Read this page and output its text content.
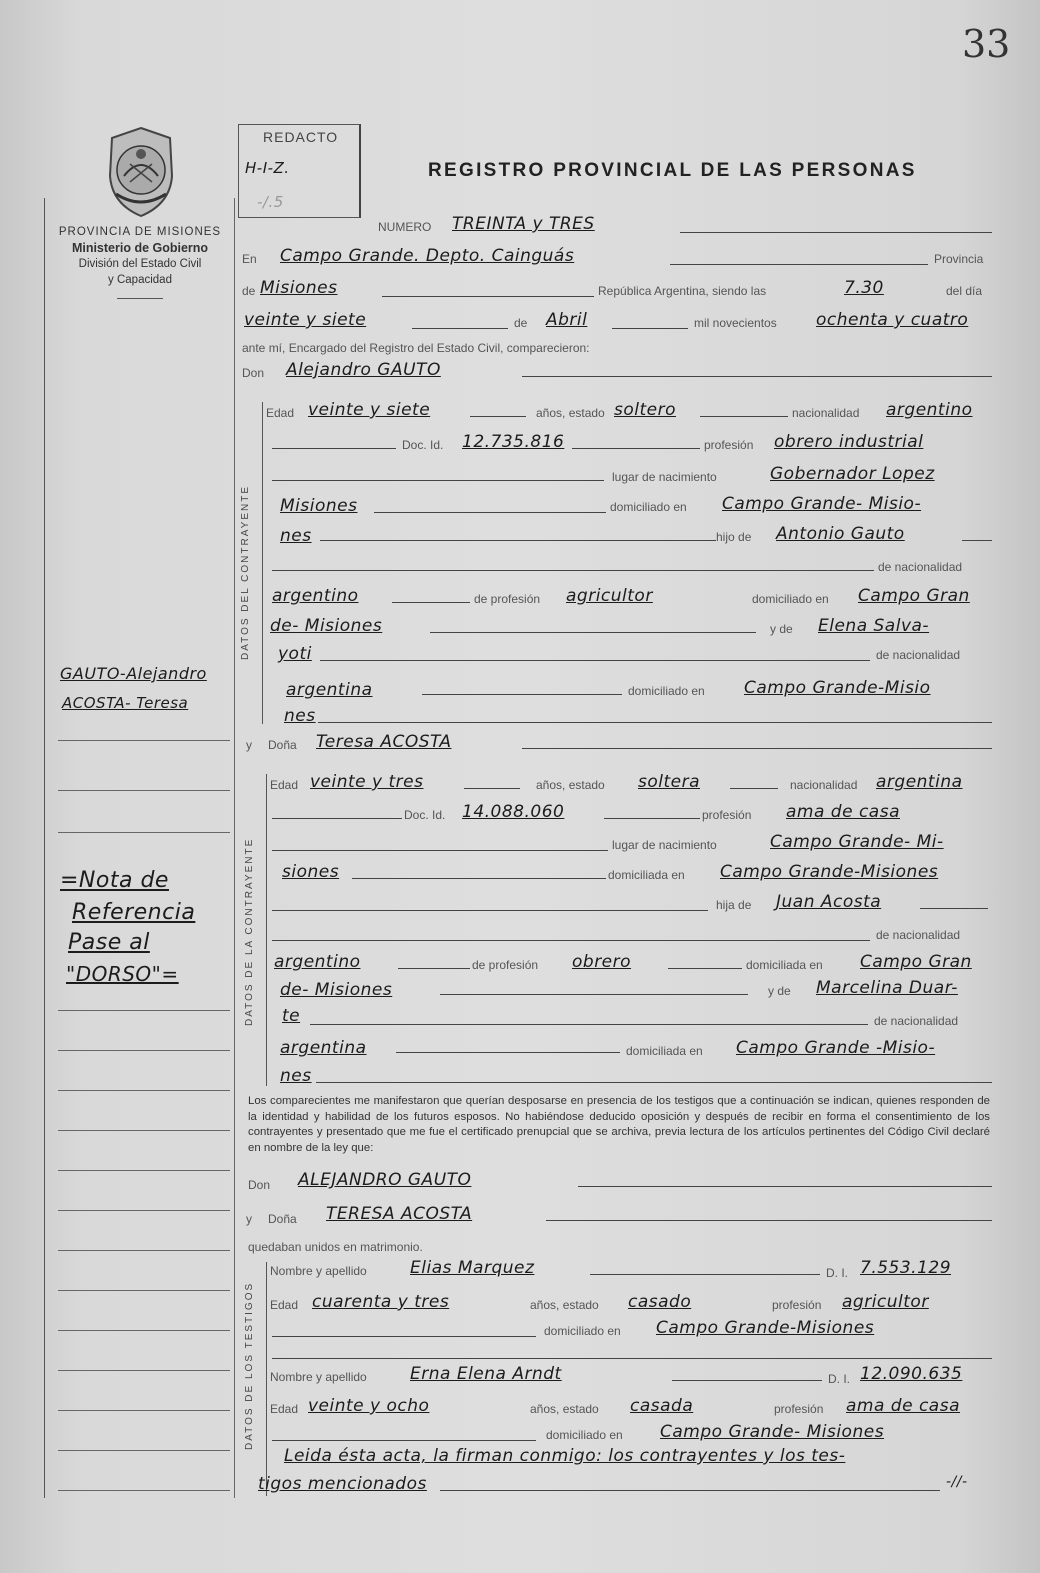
33
PROVINCIA DE MISIONES
Ministerio de Gobierno
División del Estado Civil
y Capacidad
REDACTO
H-I-Z.
-/.5
REGISTRO PROVINCIAL DE LAS PERSONAS
GAUTO-Alejandro
ACOSTA- Teresa
=Nota de
Referencia
Pase al
"DORSO"=
NUMERO TREINTA y TRES
En Campo Grande. Depto. Cainguás	Provincia
de Misiones	República Argentina, siendo las	7.30	del día
veinte y siete	de Abril	mil novecientos ochenta y cuatro
ante mí, Encargado del Registro del Estado Civil, comparecieron:
Don Alejandro GAUTO
DATOS DEL CONTRAYENTE
Edad veinte y siete	años, estado soltero	nacionalidad argentino
Doc. Id. 12.735.816	profesión obrero industrial
lugar de nacimiento	Gobernador Lopez
Misiones	domiciliado en Campo Grande- Misio-
nes	hijo de Antonio Gauto
de nacionalidad
argentino	de profesión agricultor	domiciliado en Campo Gran
de- Misiones	y de Elena Salva-
yoti	de nacionalidad
argentina	domiciliado en Campo Grande-Misio
nes
y Doña Teresa ACOSTA
DATOS DE LA CONTRAYENTE
Edad veinte y tres	años, estado soltera	nacionalidad argentina
Doc. Id. 14.088.060	profesión ama de casa
lugar de nacimiento	Campo Grande- Mi-
siones	domiciliada en Campo Grande-Misiones
hija de Juan Acosta
de nacionalidad
argentino	de profesión obrero	domiciliada en Campo Gran
de- Misiones	y de Marcelina Duar-
te	de nacionalidad
argentina	domiciliada en Campo Grande -Misio-
nes
Los comparecientes me manifestaron que querían desposarse en presencia de los testigos que a continuación se indican, quienes responden de la identidad y habilidad de los futuros esposos. No habiéndose deducido oposición y después de recibir en forma el consentimiento de los contrayentes y presentado que me fue el certificado prenupcial que se archiva, previa lectura de los artículos pertinentes del Código Civil declaré en nombre de la ley que:
Don ALEJANDRO GAUTO
y Doña TERESA ACOSTA
quedaban unidos en matrimonio.
DATOS DE LOS TESTIGOS
Nombre y apellido	Elias Marquez	D. I. 7.553.129
Edad cuarenta y tres	años, estado casado	profesión agricultor
domiciliado en Campo Grande-Misiones
Nombre y apellido	Erna Elena Arndt	D. I. 12.090.635
Edad veinte y ocho	años, estado casada	profesión ama de casa
domiciliado en Campo Grande- Misiones
Leida ésta acta, la firman conmigo: los contrayentes y los tes-
tigos mencionados	-//-
